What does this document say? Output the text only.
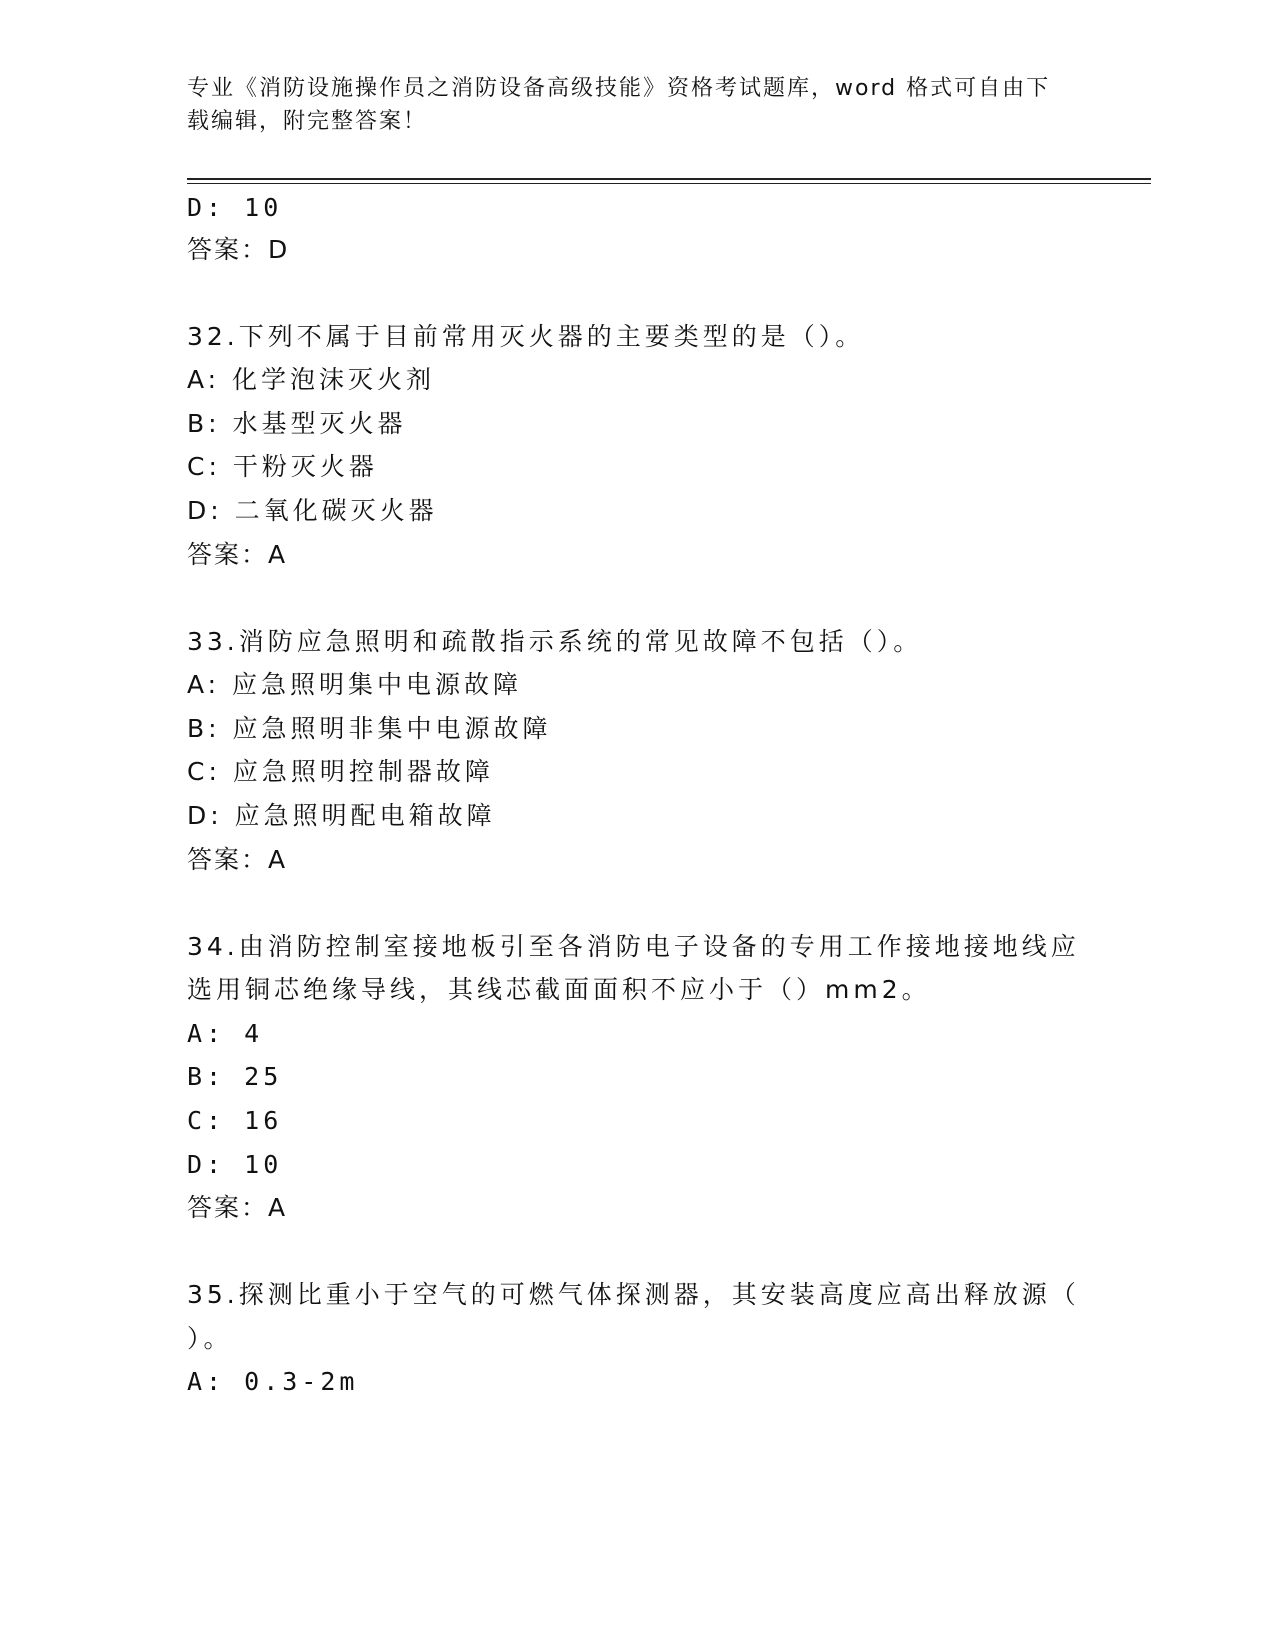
专业《消防设施操作员之消防设备高级技能》资格考试题库，word 格式可自由下
载编辑，附完整答案！
D: 10
答案：D
32.下列不属于目前常用灭火器的主要类型的是（）。
A: 化学泡沫灭火剂
B: 水基型灭火器
C: 干粉灭火器
D: 二氧化碳灭火器
答案：A
33.消防应急照明和疏散指示系统的常见故障不包括（）。
A: 应急照明集中电源故障
B: 应急照明非集中电源故障
C: 应急照明控制器故障
D: 应急照明配电箱故障
答案：A
34.由消防控制室接地板引至各消防电子设备的专用工作接地接地线应
选用铜芯绝缘导线，其线芯截面面积不应小于（）mm2。
A: 4
B: 25
C: 16
D: 10
答案：A
35.探测比重小于空气的可燃气体探测器，其安装高度应高出释放源（
）。
A: 0.3-2m
